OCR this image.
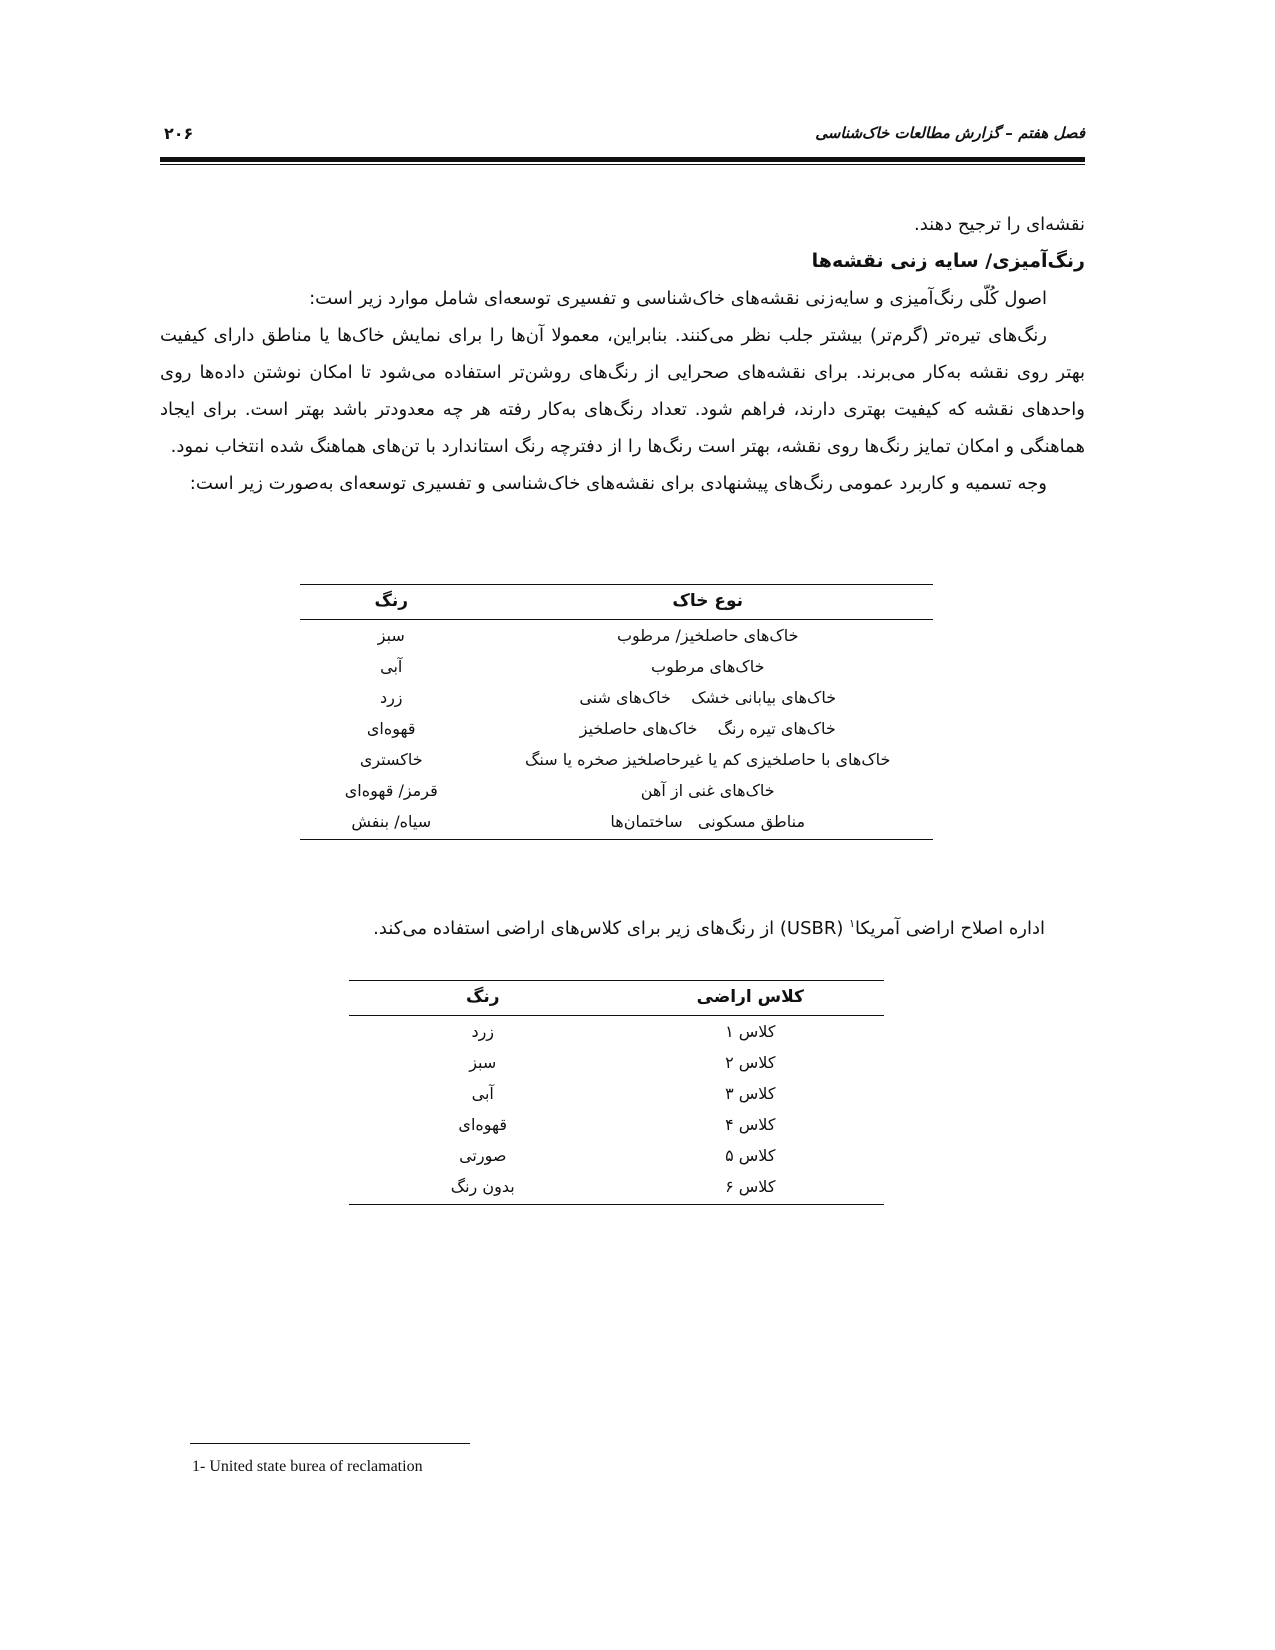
فصل هفتم – گزارش مطالعات خاک‌شناسی
۲۰۶

نقشه‌ای را ترجیح دهند.

رنگ‌آمیزی/ سایه زنی نقشه‌ها

اصول کُلّی رنگ‌آمیزی و سایه‌زنی نقشه‌های خاک‌شناسی و تفسیری توسعه‌ای شامل موارد زیر است:

رنگ‌های تیره‌تر (گرم‌تر) بیشتر جلب نظر می‌کنند. بنابراین، معمولا آن‌ها را برای نمایش خاک‌ها یا مناطق دارای کیفیت بهتر روی نقشه به‌کار می‌برند. برای نقشه‌های صحرایی از رنگ‌های روشن‌تر استفاده می‌شود تا امکان نوشتن داده‌ها روی واحدهای نقشه که کیفیت بهتری دارند، فراهم شود. تعداد رنگ‌های به‌کار رفته هر چه معدودتر باشد بهتر است. برای ایجاد هماهنگی و امکان تمایز رنگ‌ها روی نقشه، بهتر است رنگ‌ها را از دفترچه رنگ استاندارد با تن‌های هماهنگ شده انتخاب نمود.

وجه تسمیه و کاربرد عمومی رنگ‌های پیشنهادی برای نقشه‌های خاک‌شناسی و تفسیری توسعه‌ای به‌صورت زیر است:

نوع خاک	رنگ
خاک‌های حاصلخیز/ مرطوب	سبز
خاک‌های مرطوب	آبی
خاک‌های بیابانی خشک    خاک‌های شنی	زرد
خاک‌های تیره رنگ    خاک‌های حاصلخیز	قهوه‌ای
خاک‌های با حاصلخیزی کم یا غیرحاصلخیز صخره یا سنگ	خاکستری
خاک‌های غنی از آهن	قرمز/ قهوه‌ای
مناطق مسکونی   ساختمان‌ها	سیاه/ بنفش

اداره اصلاح اراضی آمریکا$^۱$ (USBR) از رنگ‌های زیر برای کلاس‌های اراضی استفاده می‌کند.

کلاس اراضی	رنگ
کلاس ۱	زرد
کلاس ۲	سبز
کلاس ۳	آبی
کلاس ۴	قهوه‌ای
کلاس ۵	صورتی
کلاس ۶	بدون رنگ
1- United state burea of reclamation
